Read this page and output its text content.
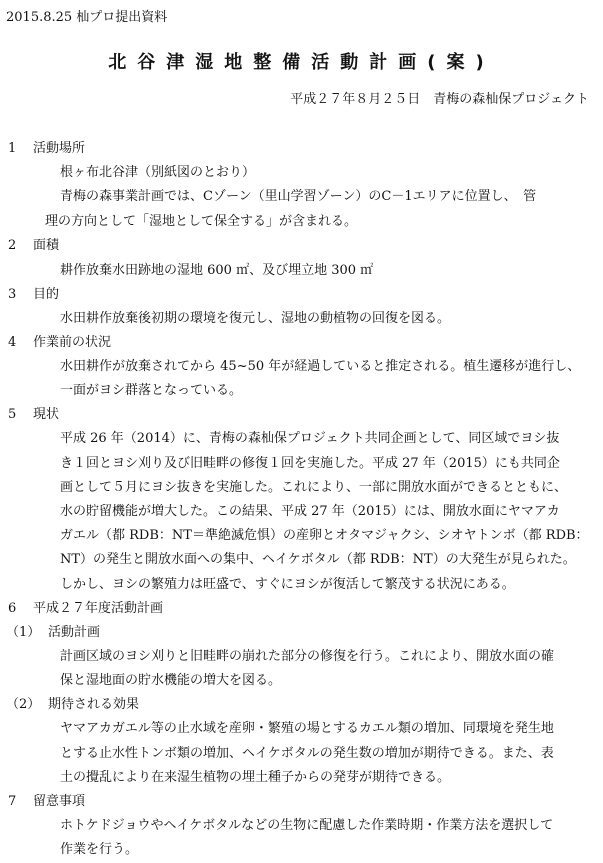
2015.8.25 杣プロ提出資料
北谷津湿地整備活動計画(案)
平成２７年８月２５日　青梅の森杣保プロジェクト
1 活動場所
根ヶ布北谷津（別紙図のとおり）
青梅の森事業計画では、Cゾーン（里山学習ゾーン）のC－1エリアに位置し、　管
理の方向として「湿地として保全する」が含まれる。
2 面積
耕作放棄水田跡地の湿地 600 ㎡、及び埋立地 300 ㎡
3 目的
水田耕作放棄後初期の環境を復元し、湿地の動植物の回復を図る。
4 作業前の状況
水田耕作が放棄されてから 45~50 年が経過していると推定される。植生遷移が進行し、
一面がヨシ群落となっている。
5 現状
平成 26 年（2014）に、青梅の森杣保プロジェクト共同企画として、同区域でヨシ抜
き１回とヨシ刈り及び旧畦畔の修復１回を実施した。平成 27 年（2015）にも共同企
画として５月にヨシ抜きを実施した。これにより、一部に開放水面ができるとともに、
水の貯留機能が増大した。この結果、平成 27 年（2015）には、開放水面にヤマアカ
ガエル（都 RDB：NT＝準絶滅危惧）の産卵とオタマジャクシ、シオヤトンボ（都 RDB：
NT）の発生と開放水面への集中、ヘイケボタル（都 RDB：NT）の大発生が見られた。
しかし、ヨシの繁殖力は旺盛で、すぐにヨシが復活して繁茂する状況にある。
6 平成２７年度活動計画
（1） 活動計画
計画区域のヨシ刈りと旧畦畔の崩れた部分の修復を行う。これにより、開放水面の確
保と湿地面の貯水機能の増大を図る。
（2） 期待される効果
ヤマアカガエル等の止水域を産卵・繁殖の場とするカエル類の増加、同環境を発生地
とする止水性トンボ類の増加、ヘイケボタルの発生数の増加が期待できる。また、表
土の攪乱により在来湿生植物の埋土種子からの発芽が期待できる。
7 留意事項
ホトケドジョウやヘイケボタルなどの生物に配慮した作業時期・作業方法を選択して
作業を行う。
